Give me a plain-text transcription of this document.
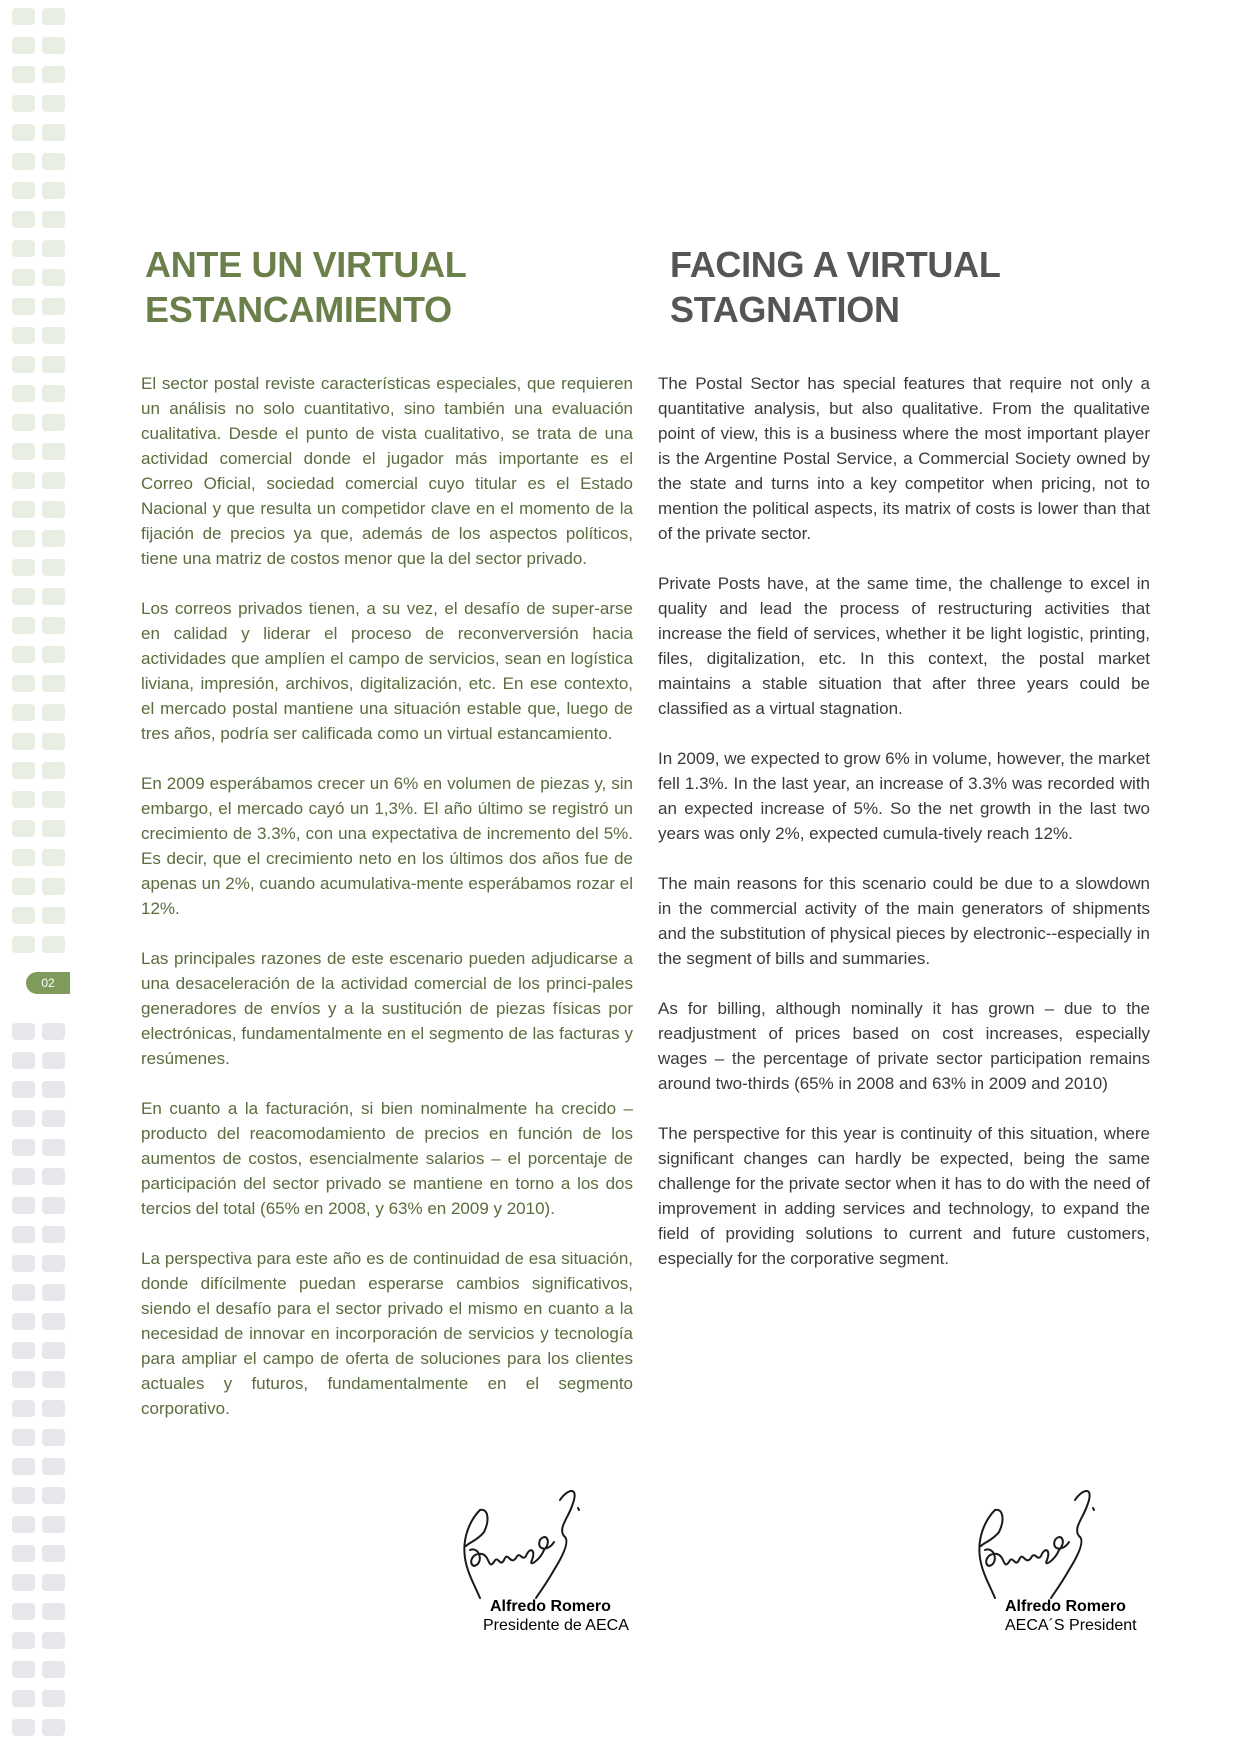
02
ANTE UN VIRTUAL
ESTANCAMIENTO
FACING A VIRTUAL
STAGNATION

El sector postal reviste características especiales, que requieren un análisis no solo cuantitativo, sino también una evaluación cualitativa. Desde el punto de vista cualitativo, se trata de una actividad comercial donde el jugador más importante es el Correo Oficial, sociedad comercial cuyo titular es el Estado Nacional y que resulta un competidor clave en el momento de la fijación de precios ya que, además de los aspectos políticos, tiene una matriz de costos menor que la del sector privado.

Los correos privados tienen, a su vez, el desafío de super-arse en calidad y liderar el proceso de reconverversión hacia actividades que amplíen el campo de servicios, sean en logística liviana, impresión, archivos, digitalización, etc. En ese contexto, el mercado postal mantiene una situación estable que, luego de tres años, podría ser calificada como un virtual estancamiento.

En 2009 esperábamos crecer un 6% en volumen de piezas y, sin embargo, el mercado cayó un 1,3%. El año último se registró un crecimiento de 3.3%, con una expectativa de incremento del 5%. Es decir, que el crecimiento neto en los últimos dos años fue de apenas un 2%, cuando acumulativa-mente esperábamos rozar el 12%.

Las principales razones de este escenario pueden adjudicarse a una desaceleración de la actividad comercial de los princi-pales generadores de envíos y a la sustitución de piezas físicas por electrónicas, fundamentalmente en el segmento de las facturas y resúmenes.

En cuanto a la facturación, si bien nominalmente ha crecido – producto del reacomodamiento de precios en función de los aumentos de costos, esencialmente salarios – el porcentaje de participación del sector privado se mantiene en torno a los dos tercios del total (65% en 2008, y 63% en 2009 y 2010).

La perspectiva para este año es de continuidad de esa situación, donde difícilmente puedan esperarse cambios significativos, siendo el desafío para el sector privado el mismo en cuanto a la necesidad de innovar en incorporación de servicios y tecnología para ampliar el campo de oferta de soluciones para los clientes actuales y futuros, fundamentalmente en el segmento corporativo.

The Postal Sector has special features that require not only a quantitative analysis, but also qualitative. From the qualitative point of view, this is a business where the most important player is the Argentine Postal Service, a Commercial Society owned by the state and turns into a key competitor when pricing, not to mention the political aspects, its matrix of costs is lower than that of the private sector.

Private Posts have, at the same time, the challenge to excel in quality and lead the process of restructuring activities that increase the field of services, whether it be light logistic, printing, files, digitalization, etc. In this context, the postal market maintains a stable situation that after three years could be classified as a virtual stagnation.

In 2009, we expected to grow 6% in volume, however, the market fell 1.3%. In the last year, an increase of 3.3% was recorded with an expected increase of 5%. So the net growth in the last two years was only 2%, expected cumula-tively reach 12%.

The main reasons for this scenario could be due to a slowdown in the commercial activity of the main generators of shipments and the substitution of physical pieces by electronic--especially in the segment of bills and summaries.

As for billing, although nominally it has grown – due to the readjustment of prices based on cost increases, especially wages – the percentage of private sector participation remains around two-thirds (65% in 2008 and 63% in 2009 and 2010)

The perspective for this year is continuity of this situation, where significant changes can hardly be expected, being the same challenge for the private sector when it has to do with the need of improvement in adding services and technology, to expand the field of providing solutions to current and future customers, especially for the corporative segment.

Alfredo Romero
Presidente de AECA
Alfredo Romero
AECA´S President
